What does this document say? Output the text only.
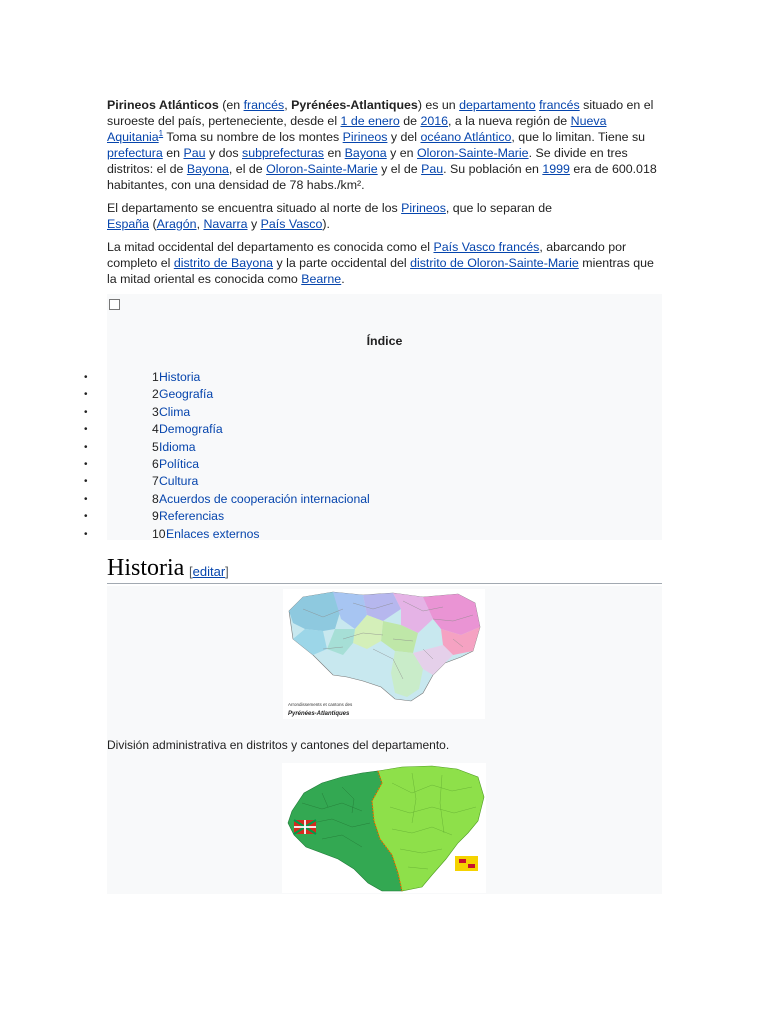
Pirineos Atlánticos (en francés, Pyrénées-Atlantiques) es un departamento francés situado en el suroeste del país, perteneciente, desde el 1 de enero de 2016, a la nueva región de Nueva Aquitania$^1$ Toma su nombre de los montes Pirineos y del océano Atlántico, que lo limitan. Tiene su prefectura en Pau y dos subprefecturas en Bayona y en Oloron-Sainte-Marie. Se divide en tres distritos: el de Bayona, el de Oloron-Sainte-Marie y el de Pau. Su población en 1999 era de 600.018 habitantes, con una densidad de 78 habs./km².

El departamento se encuentra situado al norte de los Pirineos, que lo separan de España (Aragón, Navarra y País Vasco).

La mitad occidental del departamento es conocida como el País Vasco francés, abarcando por completo el distrito de Bayona y la parte occidental del distrito de Oloron-Sainte-Marie mientras que la mitad oriental es conocida como Bearne.

Índice
•	1 Historia
•	2 Geografía
•	3 Clima
•	4 Demografía
•	5 Idioma
•	6 Política
•	7 Cultura
•	8 Acuerdos de cooperación internacional
•	9 Referencias
•	10 Enlaces externos
Historia [editar]
Arrondissements et cantons des
Pyrénées-Atlantiques
División administrativa en distritos y cantones del departamento.
